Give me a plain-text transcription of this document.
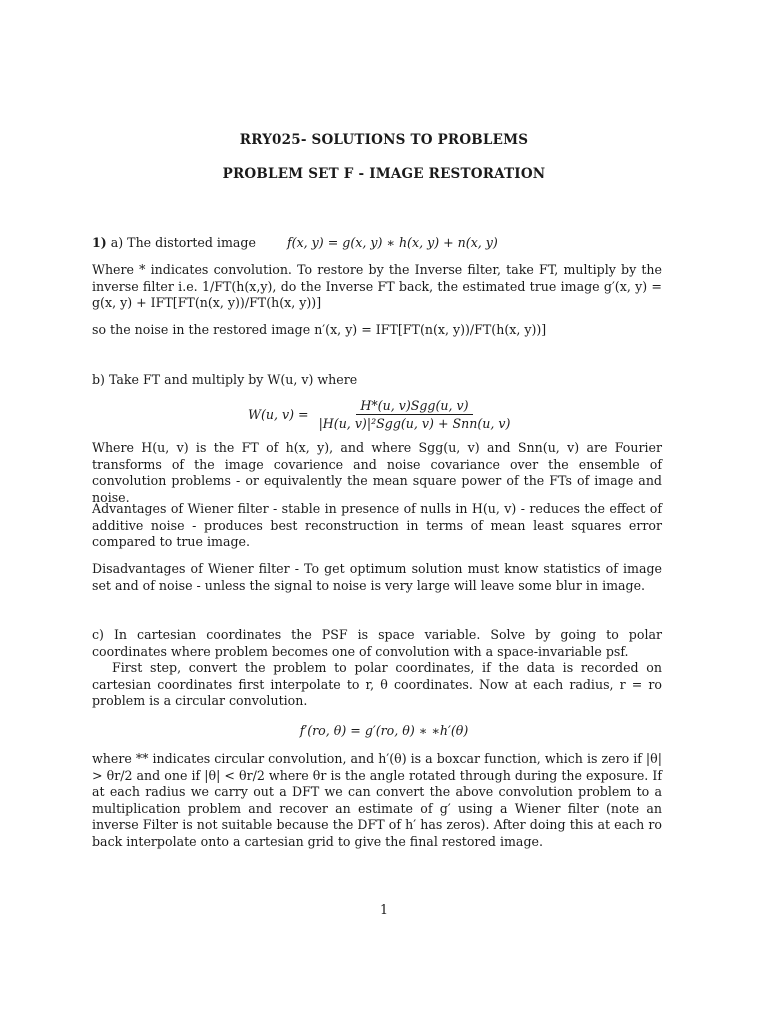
RRY025- SOLUTIONS TO PROBLEMS
PROBLEM SET F - IMAGE RESTORATION
1) a) The distorted image f(x, y) = g(x, y) ∗ h(x, y) + n(x, y)

Where * indicates convolution. To restore by the Inverse filter, take FT, multiply by the inverse filter i.e. 1/FT(h(x,y), do the Inverse FT back, the estimated true image g′(x, y) = g(x, y) + IFT[FT(n(x, y))/FT(h(x, y))]

so the noise in the restored image n′(x, y) = IFT[FT(n(x, y))/FT(h(x, y))]

b) Take FT and multiply by W(u, v) where

W(u, $v) = \frac{\text{H*(u, v)Sgg(u, v)}}{\text{|H(u, v)|²Sgg(u, v) + Snn(u, v)}}$

Where H(u, v) is the FT of h(x, y), and where Sgg(u, v) and Snn(u, v) are Fourier transforms of the image covarience and noise covariance over the ensemble of convolution problems - or equivalently the mean square power of the FTs of image and noise.

Advantages of Wiener filter - stable in presence of nulls in H(u, v) - reduces the effect of additive noise - produces best reconstruction in terms of mean least squares error compared to true image.

Disadvantages of Wiener filter - To get optimum solution must know statistics of image set and of noise - unless the signal to noise is very large will leave some blur in image.

c) In cartesian coordinates the PSF is space variable. Solve by going to polar coordinates where problem becomes one of convolution with a space-invariable psf.

First step, convert the problem to polar coordinates, if the data is recorded on cartesian coordinates first interpolate to r, θ coordinates. Now at each radius, r = ro problem is a circular convolution.

f′(ro, θ) = g′(ro, θ) ∗ ∗h′(θ)

where ** indicates circular convolution, and h′(θ) is a boxcar function, which is zero if |θ| > θr/2 and one if |θ| < θr/2 where θr is the angle rotated through during the exposure. If at each radius we carry out a DFT we can convert the above convolution problem to a multiplication problem and recover an estimate of g′ using a Wiener filter (note an inverse Filter is not suitable because the DFT of h′ has zeros). After doing this at each ro back interpolate onto a cartesian grid to give the final restored image.

1
